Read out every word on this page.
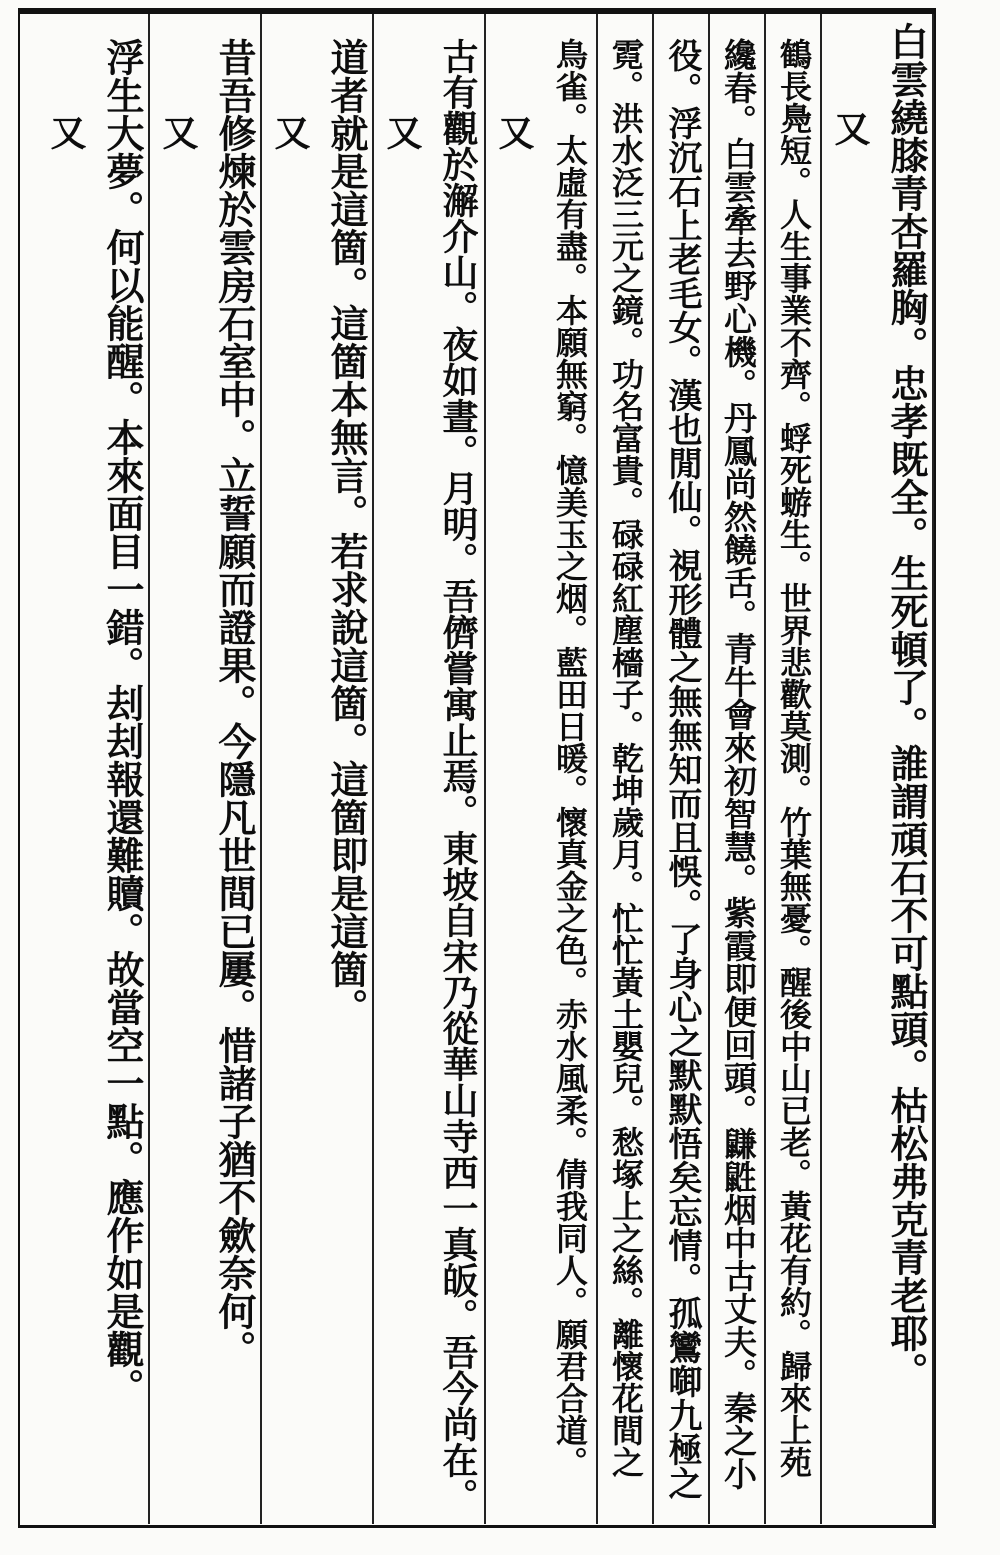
白雲繞膝青杏羅胸。忠孝既全。生死頓了。誰謂頑石不可點頭。枯松弗克青老耶。
又
鶴長鳧短。人生事業不齊。蜉死蝣生。世界悲歡莫測。竹葉無憂。醒後中山已老。黃花有約。歸來上苑
纔春。白雲牽去野心機。丹鳳尚然饒舌。青牛會來初智慧。紫霞即便回頭。鼸鼪烟中古丈夫。秦之小
役。浮沉石上老毛女。漢也閒仙。視形體之無無知而且悞。了身心之默默悟矣忘情。孤鸞啣九極之
霓。洪水泛三元之鏡。功名富貴。碌碌紅塵檣子。乾坤歲月。忙忙黃土嬰兒。愁塚上之絲。離懷花間之
鳥雀。太虛有盡。本願無窮。憶美玉之烟。藍田日暖。懷真金之色。赤水風柔。倩我同人。願君合道。
又
古有觀於澥介山。夜如晝。月明。吾儕嘗寓止焉。東坡自宋乃從華山寺西一真皈。吾今尚在。
又
道者就是這箇。這箇本無言。若求說這箇。這箇即是這箇。
又
昔吾修煉於雲房石室中。立誓願而證果。今隱凡世間已屢。惜諸子猶不歛奈何。
又
浮生大夢。何以能醒。本來面目一錯。刦刦報還難贖。故當空一點。應作如是觀。
又
